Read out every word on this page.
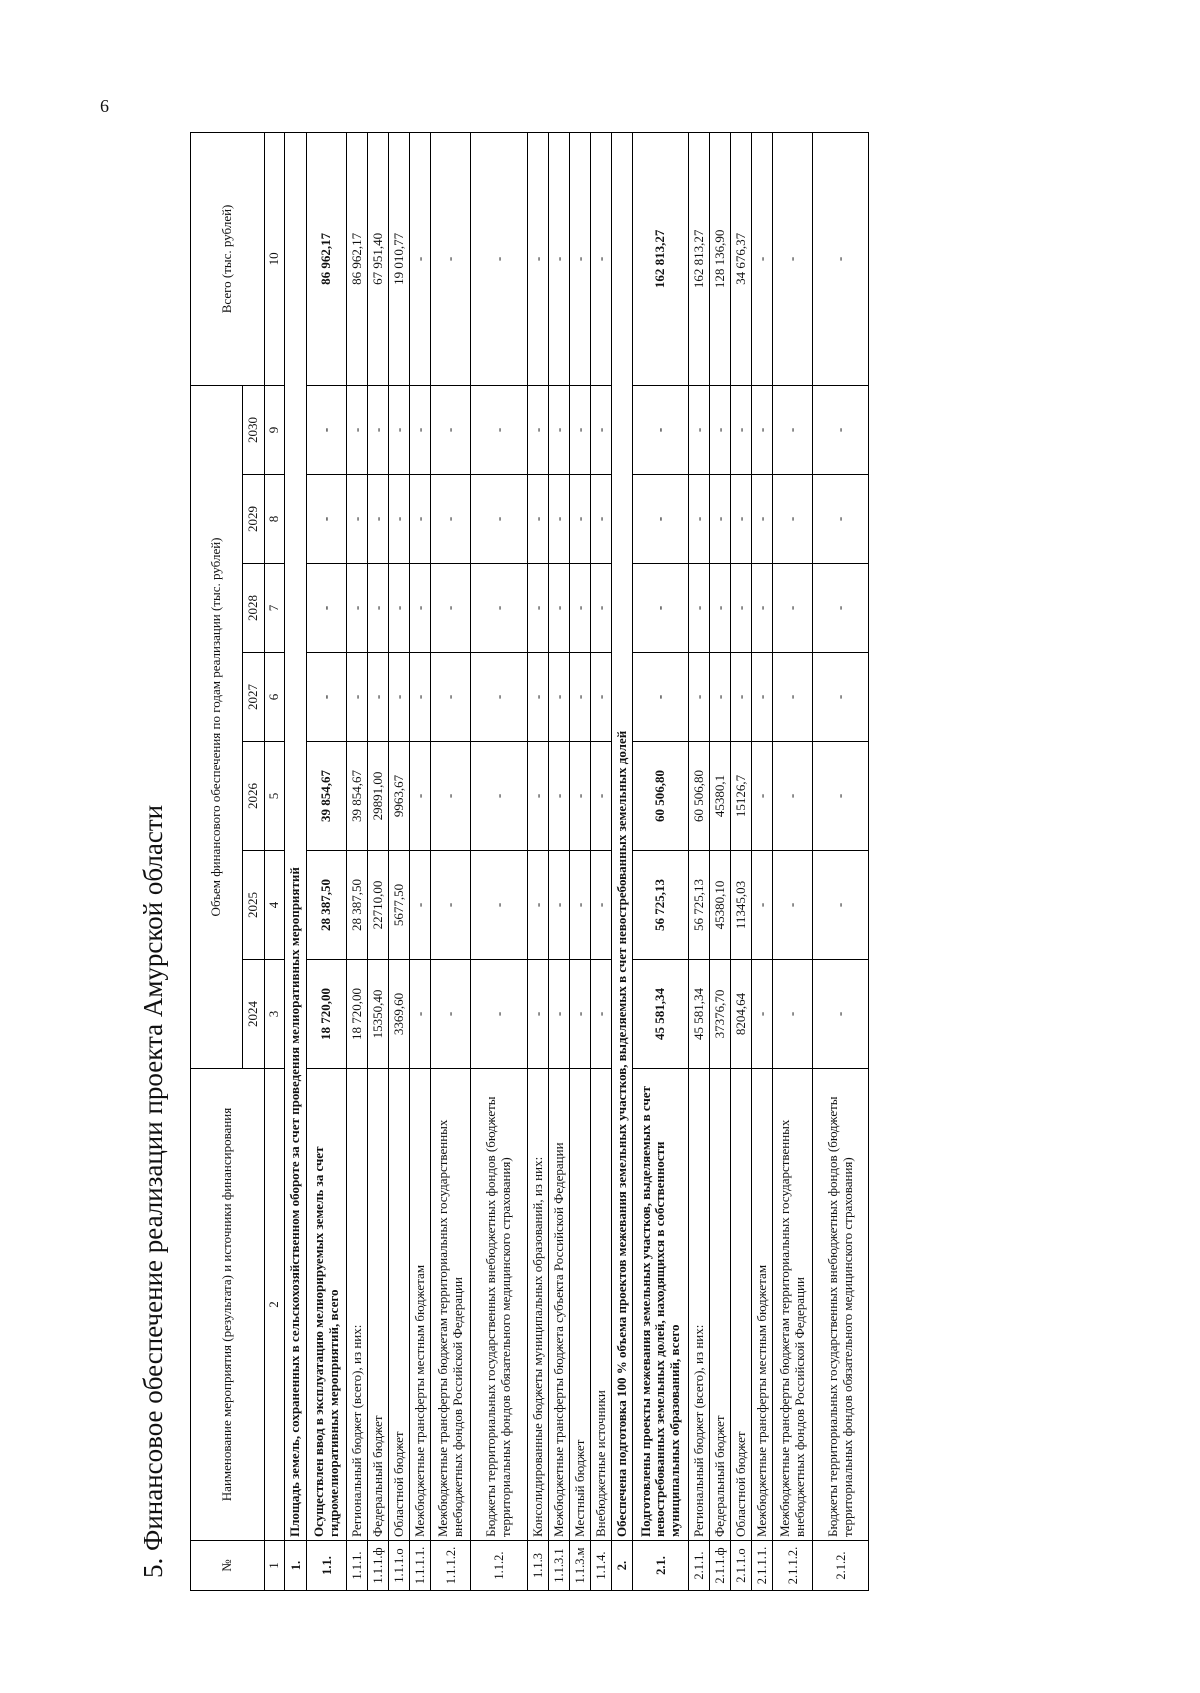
6
5. Финансовое обеспечение реализации проекта Амурской области	№	Наименование мероприятия (результата) и источники финансирования	Объем финансового обеспечения по годам реализации (тыс. рублей)							Всего (тыс. рублей)
		2024	2025	2026	2027	2028	2029	2030	
1	2	3	4	5	6	7	8	9	10
1.	Площадь земель, сохраненных в сельскохозяйственном обороте за счет проведения мелиоративных мероприятий								
1.1.	Осуществлен ввод в эксплуатацию мелиорируемых земель за счет гидромелиоративных мероприятий, всего	18 720,00	28 387,50	39 854,67	-	-	-	-	86 962,17
1.1.1.	Региональный бюджет (всего), из них:	18 720,00	28 387,50	39 854,67	-	-	-	-	86 962,17
1.1.1.ф	Федеральный бюджет	15350,40	22710,00	29891,00	-	-	-	-	67 951,40
1.1.1.о	Областной бюджет	3369,60	5677,50	9963,67	-	-	-	-	19 010,77
1.1.1.1.	Межбюджетные трансферты местным бюджетам	-	-	-	-	-	-	-	-
1.1.1.2.	Межбюджетные трансферты бюджетам территориальных государственных внебюджетных фондов Российской Федерации	-	-	-	-	-	-	-	-
1.1.2.	Бюджеты территориальных государственных внебюджетных фондов (бюджеты территориальных фондов обязательного медицинского страхования)	-	-	-	-	-	-	-	-
1.1.3	Консолидированные бюджеты муниципальных образований, из них:	-	-	-	-	-	-	-	-
1.1.3.1	Межбюджетные трансферты бюджета субъекта Российской Федерации	-	-	-	-	-	-	-	-
1.1.3.м	Местный бюджет	-	-	-	-	-	-	-	-
1.1.4.	Внебюджетные источники	-	-	-	-	-	-	-	-
2.	Обеспечена подготовка 100 % объема проектов межевания земельных участков, выделяемых в счет невостребованных земельных долей								
2.1.	Подготовлены проекты межевания земельных участков, выделяемых в счет невостребованных земельных долей, находящихся в собственности муниципальных образований, всего	45 581,34	56 725,13	60 506,80	-	-	-	-	162 813,27
2.1.1.	Региональный бюджет (всего), из них:	45 581,34	56 725,13	60 506,80	-	-	-	-	162 813,27
2.1.1.ф	Федеральный бюджет	37376,70	45380,10	45380,1	-	-	-	-	128 136,90
2.1.1.о	Областной бюджет	8204,64	11345,03	15126,7	-	-	-	-	34 676,37
2.1.1.1.	Межбюджетные трансферты местным бюджетам	-	-	-	-	-	-	-	-
2.1.1.2.	Межбюджетные трансферты бюджетам территориальных государственных внебюджетных фондов Российской Федерации	-	-	-	-	-	-	-	-
2.1.2.	Бюджеты территориальных государственных внебюджетных фондов (бюджеты территориальных фондов обязательного медицинского страхования)	-	-	-	-	-	-	-	-
